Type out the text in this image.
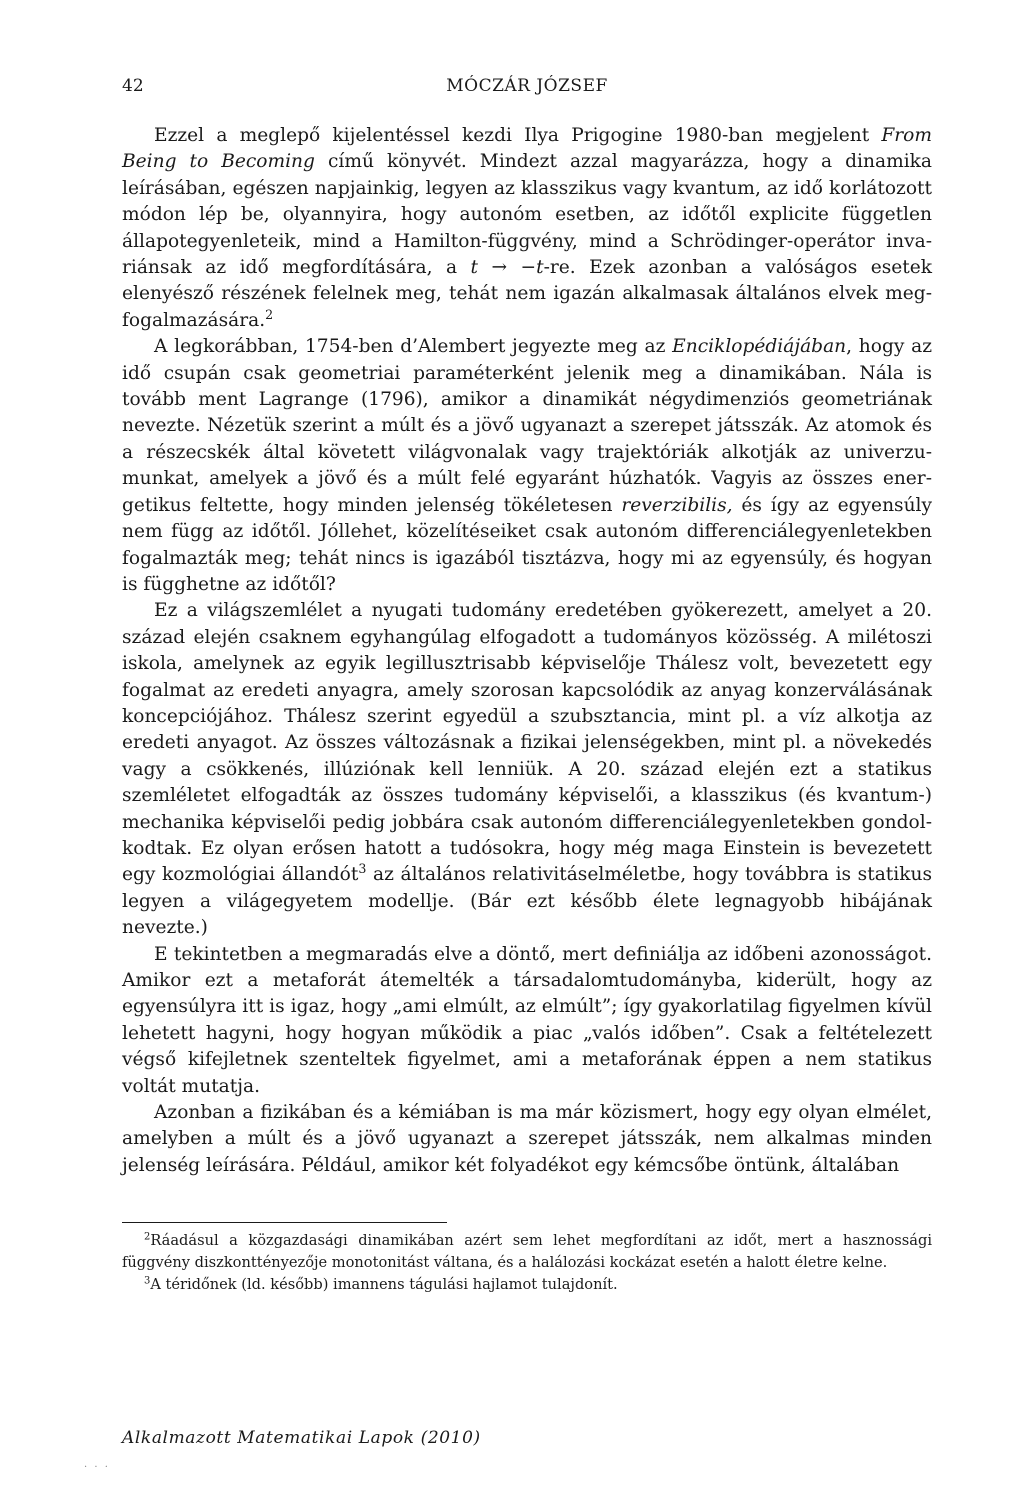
42	MÓCZÁR JÓZSEF

Ezzel a meglepő kijelentéssel kezdi Ilya Prigogine 1980-ban megjelent From Being to Becoming című könyvét. Mindezt azzal magyarázza, hogy a dinamika leírásában, egészen napjainkig, legyen az klasszikus vagy kvantum, az idő korlátozott módon lép be, olyannyira, hogy autonóm esetben, az időtől explicite független állapotegyenleteik, mind a Hamilton-függvény, mind a Schrödinger-operátor invariánsak az idő megfordítására, a t → −t-re. Ezek azonban a valóságos esetek elenyésző részének felelnek meg, tehát nem igazán alkalmasak általános elvek megfogalmazására.$^2$

A legkorábban, 1754-ben d’Alembert jegyezte meg az Enciklopédiájában, hogy az idő csupán csak geometriai paraméterként jelenik meg a dinamikában. Nála is tovább ment Lagrange (1796), amikor a dinamikát négydimenziós geometriának nevezte. Nézetük szerint a múlt és a jövő ugyanazt a szerepet játsszák. Az atomok és a részecskék által követett világvonalak vagy trajektóriák alkotják az univerzumunkat, amelyek a jövő és a múlt felé egyaránt húzhatók. Vagyis az összes energetikus feltette, hogy minden jelenség tökéletesen reverzibilis, és így az egyensúly nem függ az időtől. Jóllehet, közelítéseiket csak autonóm differenciálegyenletekben fogalmazták meg; tehát nincs is igazából tisztázva, hogy mi az egyensúly, és hogyan is függhetne az időtől?

Ez a világszemlélet a nyugati tudomány eredetében gyökerezett, amelyet a 20. század elején csaknem egyhangúlag elfogadott a tudományos közösség. A milétoszi iskola, amelynek az egyik legillusztrisabb képviselője Thálesz volt, bevezetett egy fogalmat az eredeti anyagra, amely szorosan kapcsolódik az anyag konzerválásának koncepciójához. Thálesz szerint egyedül a szubsztancia, mint pl. a víz alkotja az eredeti anyagot. Az összes változásnak a fizikai jelenségekben, mint pl. a növekedés vagy a csökkenés, illúziónak kell lenniük. A 20. század elején ezt a statikus szemléletet elfogadták az összes tudomány képviselői, a klasszikus (és kvantum-) mechanika képviselői pedig jobbára csak autonóm differenciálegyenletekben gondolkodtak. Ez olyan erősen hatott a tudósokra, hogy még maga Einstein is bevezetett egy kozmológiai állandót$^3$ az általános relativitáselméletbe, hogy továbbra is statikus legyen a világegyetem modellje. (Bár ezt később élete legnagyobb hibájának nevezte.)

E tekintetben a megmaradás elve a döntő, mert definiálja az időbeni azonosságot. Amikor ezt a metaforát átemelték a társadalomtudományba, kiderült, hogy az egyensúlyra itt is igaz, hogy „ami elmúlt, az elmúlt”; így gyakorlatilag figyelmen kívül lehetett hagyni, hogy hogyan működik a piac „valós időben”. Csak a feltételezett végső kifejletnek szenteltek figyelmet, ami a metaforának éppen a nem statikus voltát mutatja.

Azonban a fizikában és a kémiában is ma már közismert, hogy egy olyan elmélet, amelyben a múlt és a jövő ugyanazt a szerepet játsszák, nem alkalmas minden jelenség leírására. Például, amikor két folyadékot egy kémcsőbe öntünk, általában

$^2$Ráadásul a közgazdasági dinamikában azért sem lehet megfordítani az időt, mert a hasznossági függvény diszkonttényezője monotonitást váltana, és a halálozási kockázat esetén a halott életre kelne.

$^3$A téridőnek (ld. később) imannens tágulási hajlamot tulajdonít.

Alkalmazott Matematikai Lapok (2010)
· · ·
